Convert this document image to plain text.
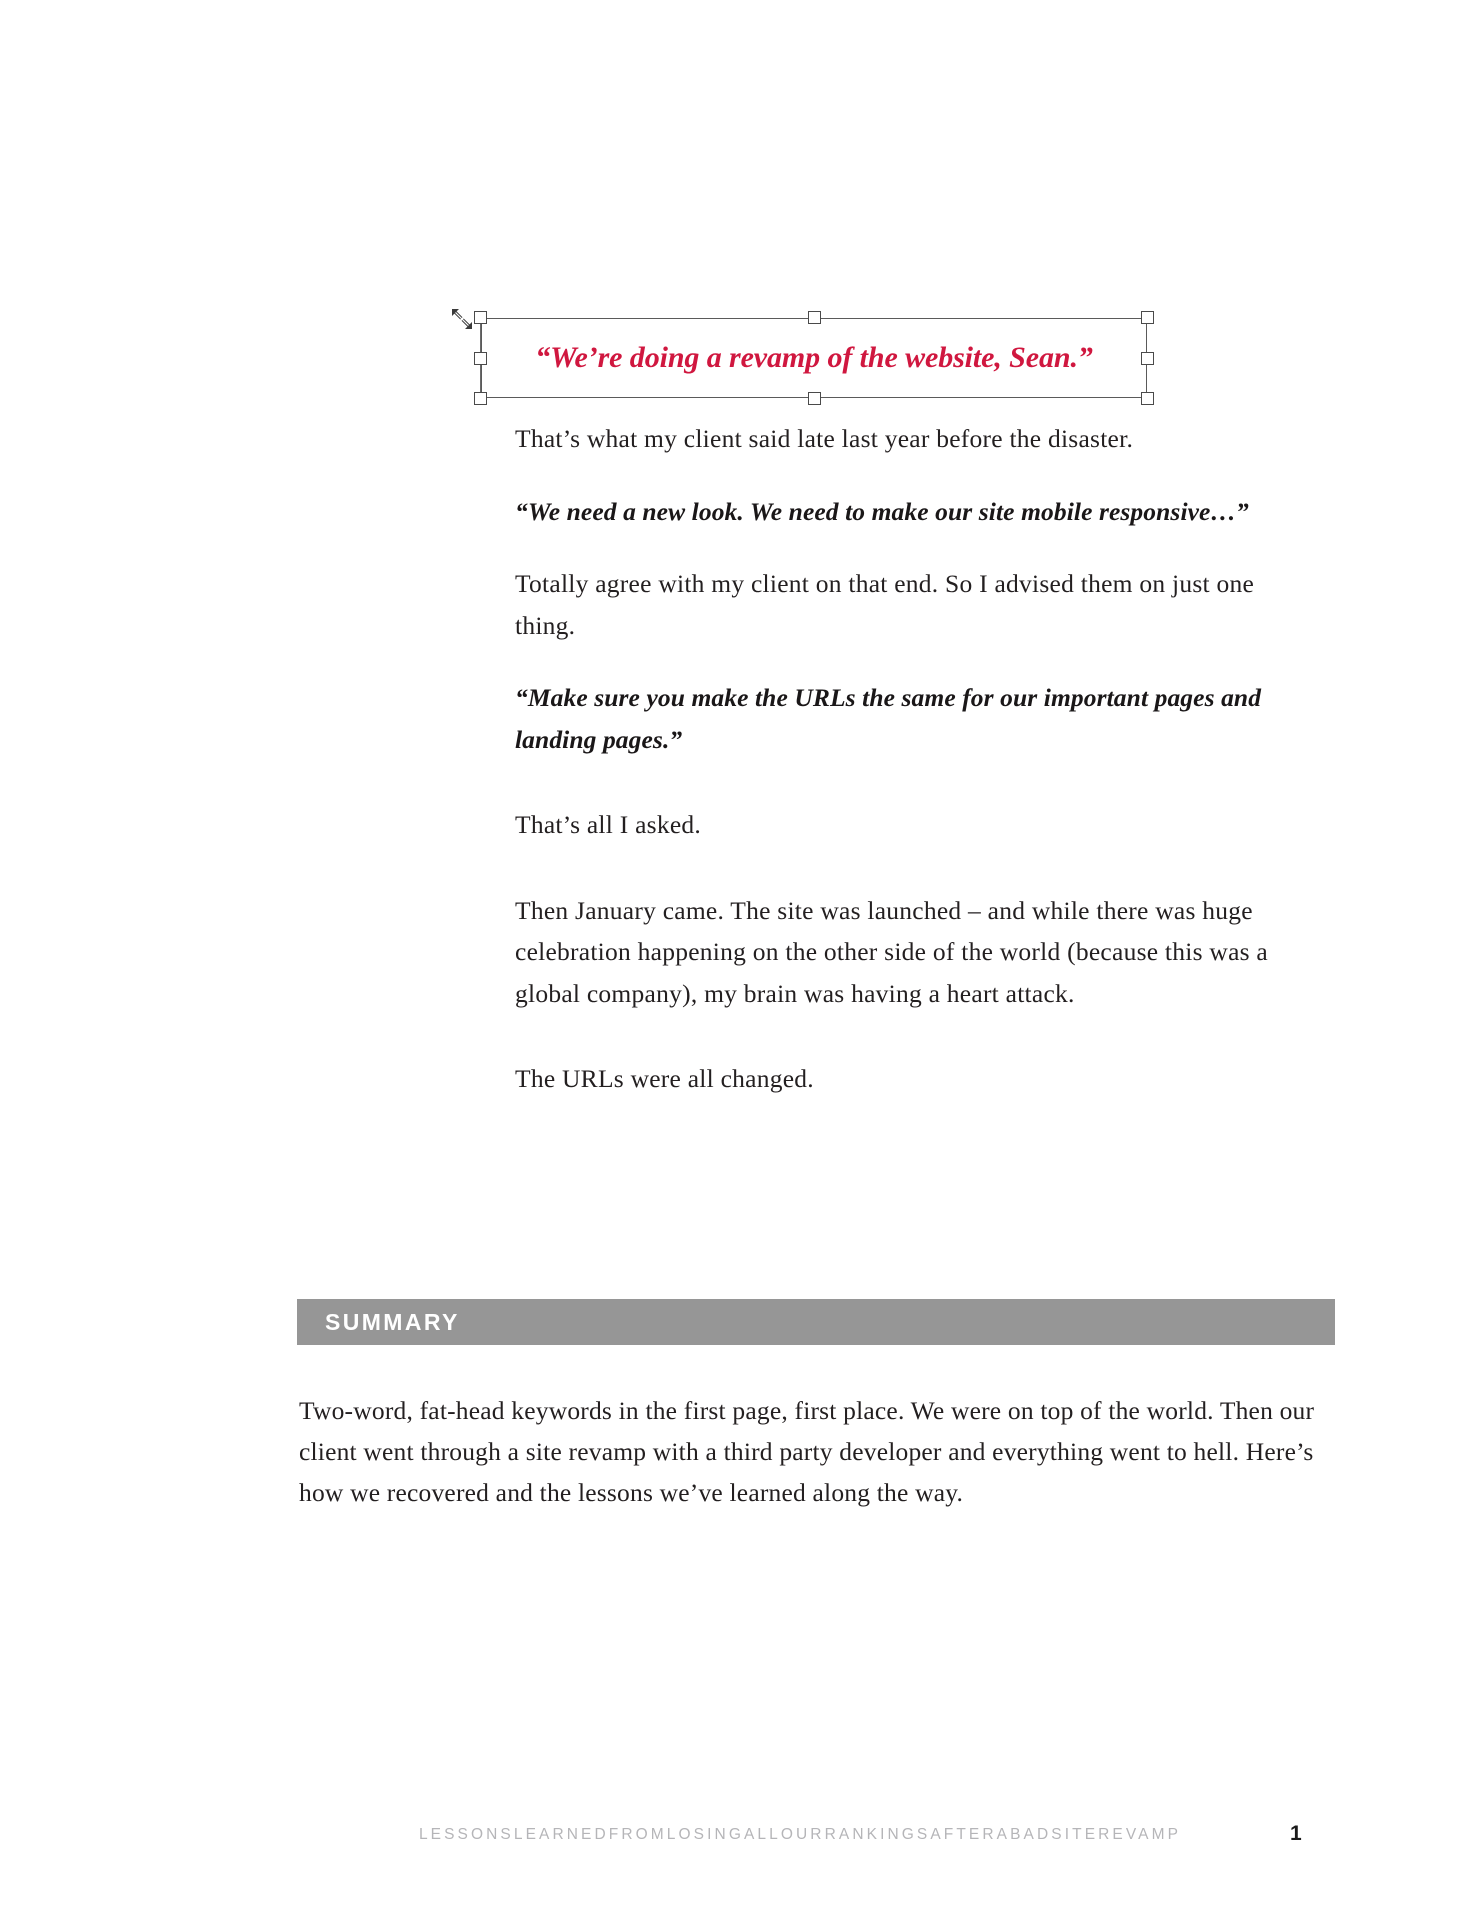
“We’re doing a revamp of the website, Sean.”

That’s what my client said late last year before the disaster.

“We need a new look. We need to make our site mobile responsive…”

Totally agree with my client on that end. So I advised them on just one thing.

“Make sure you make the URLs the same for our important pages and landing pages.”

That’s all I asked.

Then January came. The site was launched – and while there was huge celebration happening on the other side of the world (because this was a global company), my brain was having a heart attack.

The URLs were all changed.

SUMMARY
Two-word, fat-head keywords in the first page, first place. We were on top of the world. Then our client went through a site revamp with a third party developer and everything went to hell. Here’s how we recovered and the lessons we’ve learned along the way.
LESSONSLEARNEDFROMLOSINGALLOURRANKINGSAFTERABADSITEREVAMP	1
